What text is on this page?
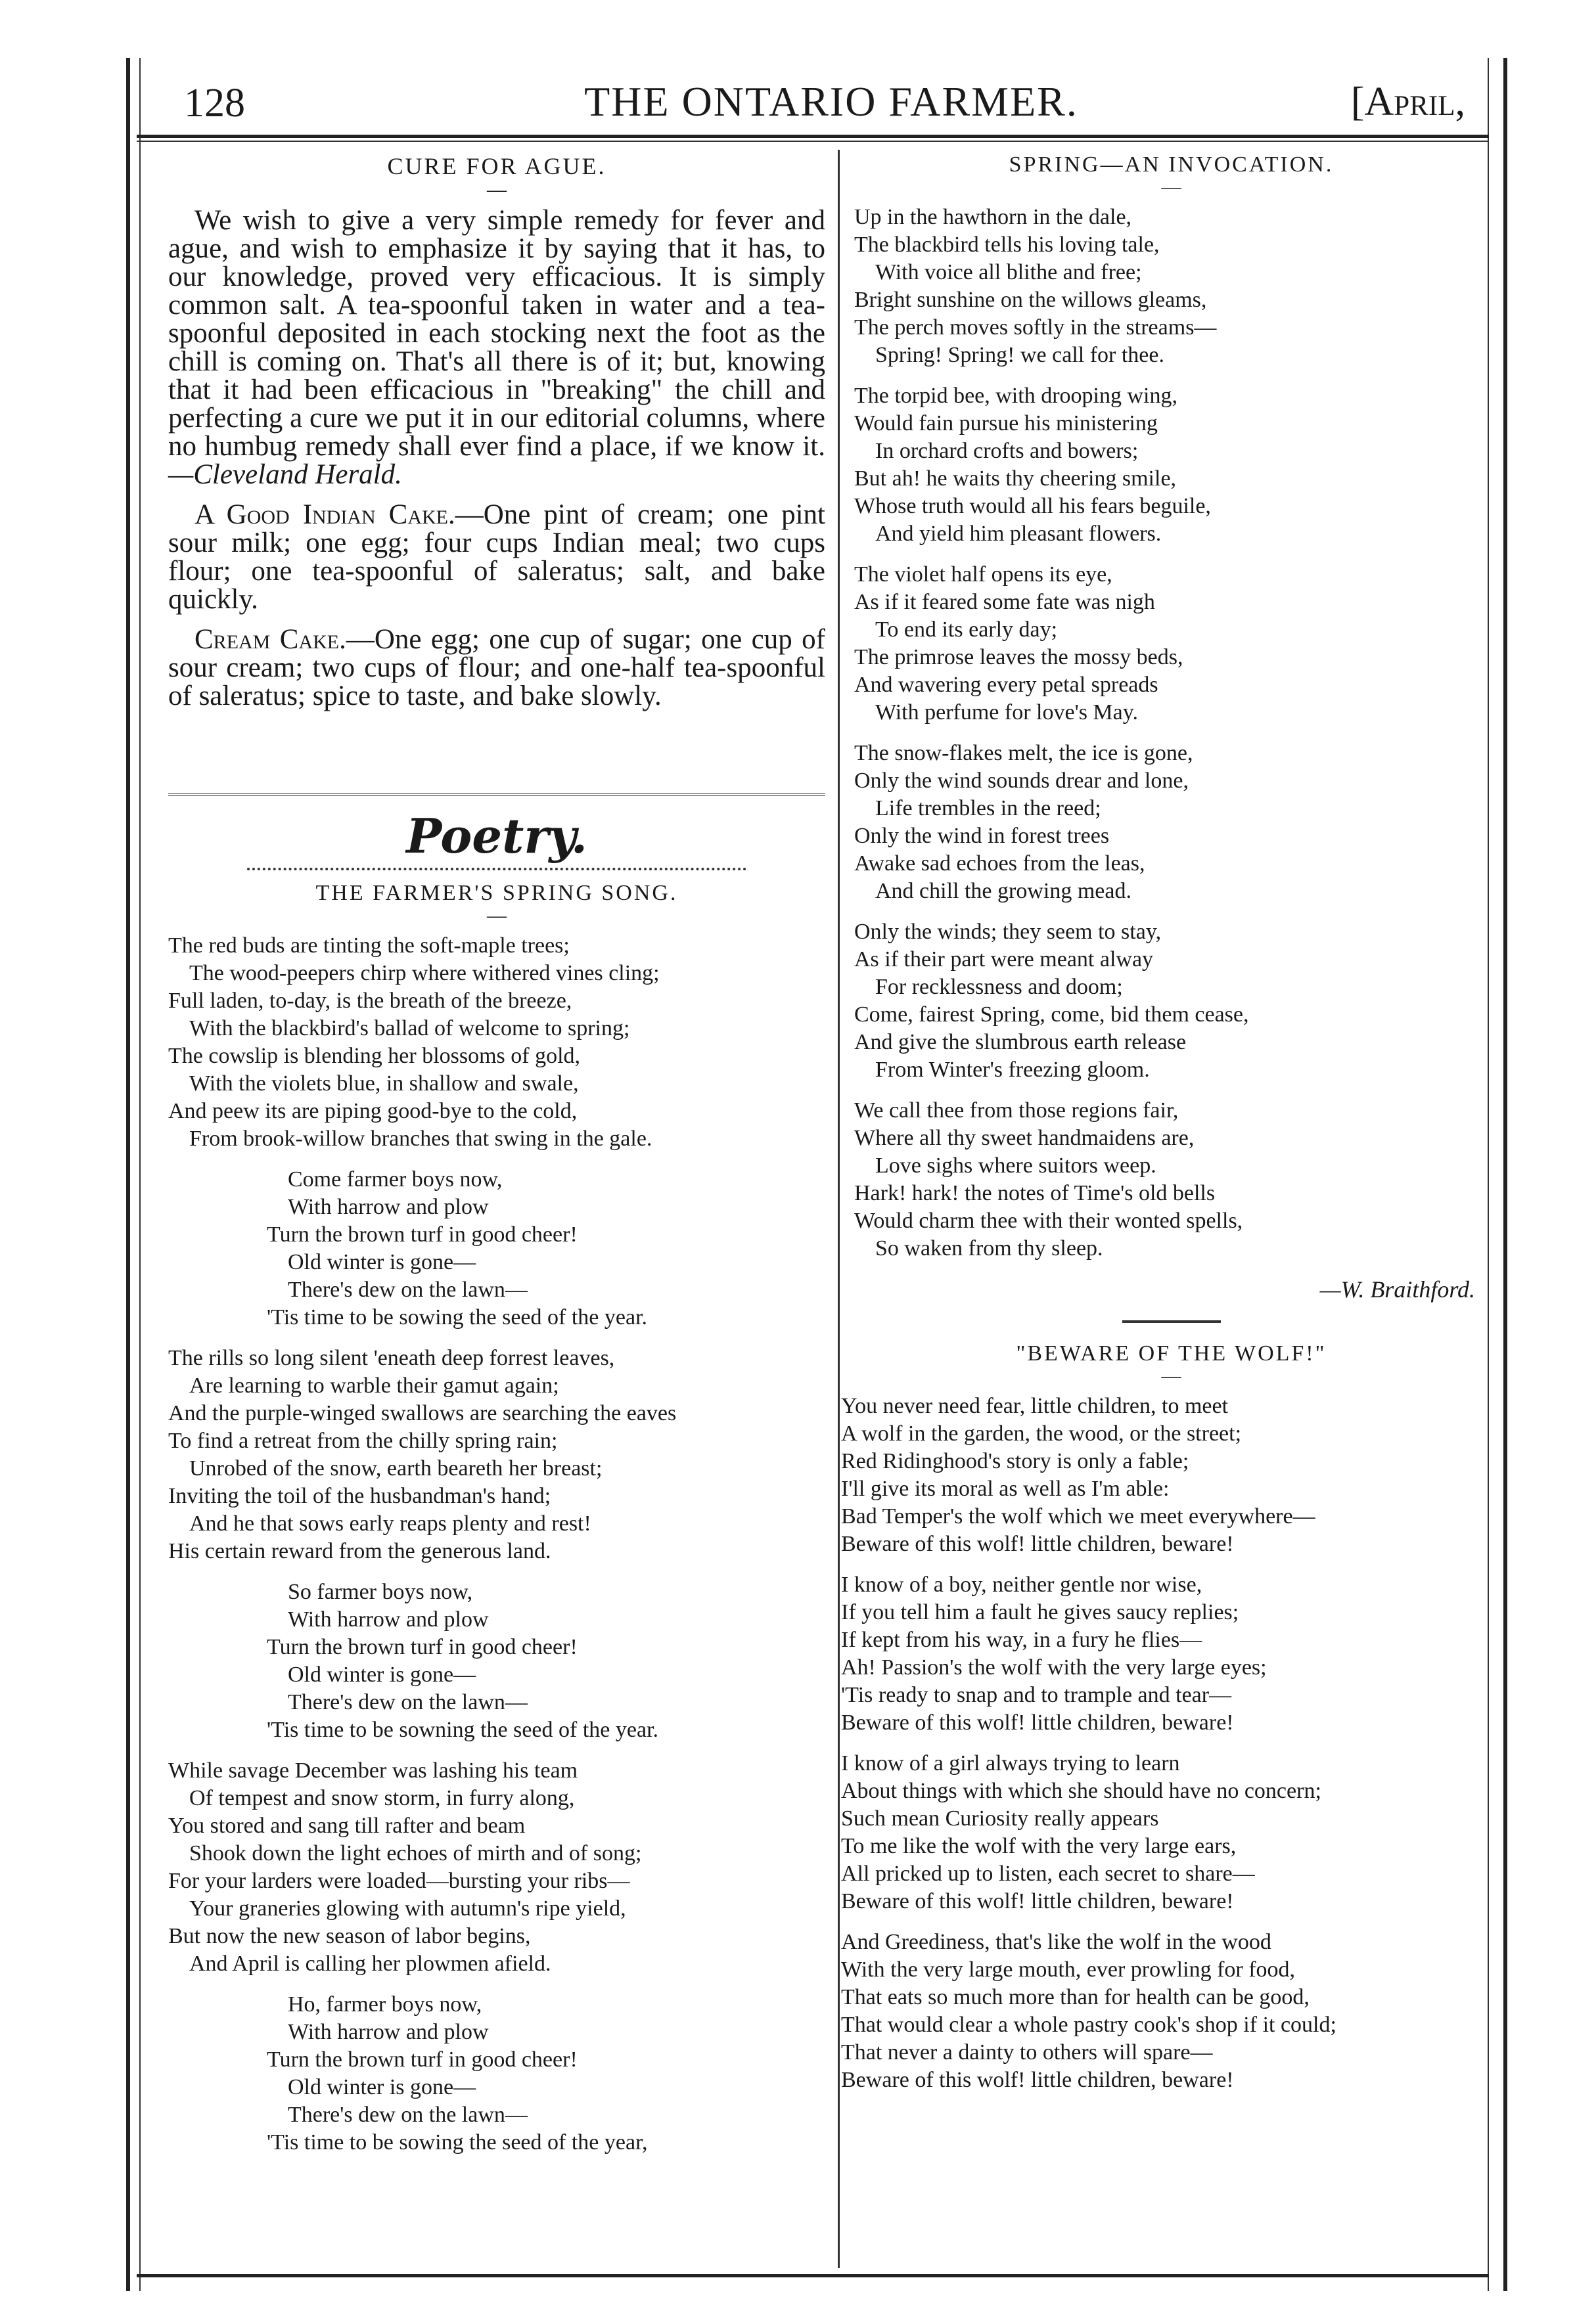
128	THE ONTARIO FARMER.	[April,

CURE FOR AGUE.

—

We wish to give a very simple remedy for fever and ague, and wish to emphasize it by saying that it has, to our knowledge, proved very efficacious. It is simply common salt. A tea-spoonful taken in water and a tea-spoonful deposited in each stocking next the foot as the chill is coming on. That's all there is of it; but, knowing that it had been efficacious in "breaking" the chill and perfecting a cure we put it in our editorial columns, where no humbug remedy shall ever find a place, if we know it. —Cleveland Herald.

A Good Indian Cake.—One pint of cream; one pint sour milk; one egg; four cups Indian meal; two cups flour; one tea-spoonful of saleratus; salt, and bake quickly.

Cream Cake.—One egg; one cup of sugar; one cup of sour cream; two cups of flour; and one-half tea-spoonful of saleratus; spice to taste, and bake slowly.

Poetry.

THE FARMER'S SPRING SONG.

—

The red buds are tinting the soft-maple trees;
The wood-peepers chirp where withered vines cling;
Full laden, to-day, is the breath of the breeze,
With the blackbird's ballad of welcome to spring;
The cowslip is blending her blossoms of gold,
With the violets blue, in shallow and swale,
And peew its are piping good-bye to the cold,
From brook-willow branches that swing in the gale.
Come farmer boys now,
With harrow and plow
Turn the brown turf in good cheer!
Old winter is gone—
There's dew on the lawn—
'Tis time to be sowing the seed of the year.
The rills so long silent 'eneath deep forrest leaves,
Are learning to warble their gamut again;
And the purple-winged swallows are searching the eaves
To find a retreat from the chilly spring rain;
Unrobed of the snow, earth beareth her breast;
Inviting the toil of the husbandman's hand;
And he that sows early reaps plenty and rest!
His certain reward from the generous land.
So farmer boys now,
With harrow and plow
Turn the brown turf in good cheer!
Old winter is gone—
There's dew on the lawn—
'Tis time to be sowning the seed of the year.
While savage December was lashing his team
Of tempest and snow storm, in furry along,
You stored and sang till rafter and beam
Shook down the light echoes of mirth and of song;
For your larders were loaded—bursting your ribs—
Your graneries glowing with autumn's ripe yield,
But now the new season of labor begins,
And April is calling her plowmen afield.
Ho, farmer boys now,
With harrow and plow
Turn the brown turf in good cheer!
Old winter is gone—
There's dew on the lawn—
'Tis time to be sowing the seed of the year,

SPRING—AN INVOCATION.

—

Up in the hawthorn in the dale,
The blackbird tells his loving tale,
With voice all blithe and free;
Bright sunshine on the willows gleams,
The perch moves softly in the streams—
Spring! Spring! we call for thee.
The torpid bee, with drooping wing,
Would fain pursue his ministering
In orchard crofts and bowers;
But ah! he waits thy cheering smile,
Whose truth would all his fears beguile,
And yield him pleasant flowers.
The violet half opens its eye,
As if it feared some fate was nigh
To end its early day;
The primrose leaves the mossy beds,
And wavering every petal spreads
With perfume for love's May.
The snow-flakes melt, the ice is gone,
Only the wind sounds drear and lone,
Life trembles in the reed;
Only the wind in forest trees
Awake sad echoes from the leas,
And chill the growing mead.
Only the winds; they seem to stay,
As if their part were meant alway
For recklessness and doom;
Come, fairest Spring, come, bid them cease,
And give the slumbrous earth release
From Winter's freezing gloom.
We call thee from those regions fair,
Where all thy sweet handmaidens are,
Love sighs where suitors weep.
Hark! hark! the notes of Time's old bells
Would charm thee with their wonted spells,
So waken from thy sleep.

—W. Braithford.

"BEWARE OF THE WOLF!"

—

You never need fear, little children, to meet
A wolf in the garden, the wood, or the street;
Red Ridinghood's story is only a fable;
I'll give its moral as well as I'm able:
Bad Temper's the wolf which we meet everywhere—
Beware of this wolf! little children, beware!
I know of a boy, neither gentle nor wise,
If you tell him a fault he gives saucy replies;
If kept from his way, in a fury he flies—
Ah! Passion's the wolf with the very large eyes;
'Tis ready to snap and to trample and tear—
Beware of this wolf! little children, beware!
I know of a girl always trying to learn
About things with which she should have no concern;
Such mean Curiosity really appears
To me like the wolf with the very large ears,
All pricked up to listen, each secret to share—
Beware of this wolf! little children, beware!
And Greediness, that's like the wolf in the wood
With the very large mouth, ever prowling for food,
That eats so much more than for health can be good,
That would clear a whole pastry cook's shop if it could;
That never a dainty to others will spare—
Beware of this wolf! little children, beware!
